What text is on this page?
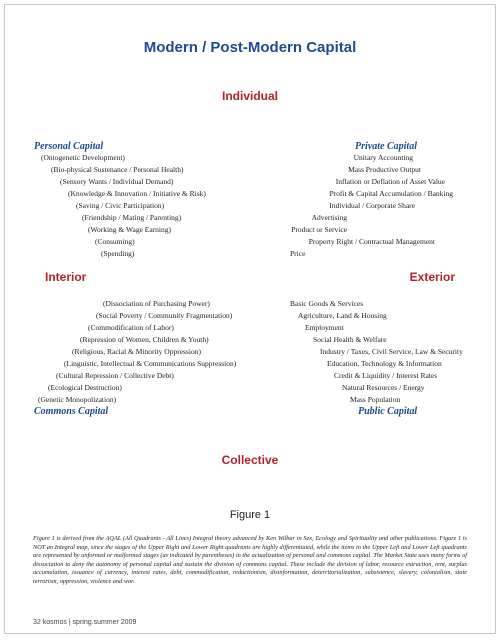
Modern / Post-Modern Capital
Individual
Personal Capital
(Ontogenetic Development)
(Bio-physical Sustenance / Personal Health)
(Sensory Wants / Individual Demand)
(Knowledge & Innovation / Initiative & Risk)
(Saving / Civic Participation)
(Friendship / Mating / Parenting)
(Working & Wage Earning)
(Consuming)
(Spending)
Private Capital
Unitary Accounting
Mass Productive Output
Inflation or Deflation of Asset Value
Profit & Capital Accumulation / Banking
Individual / Corporate Share
Advertising
Product or Service
Property Right / Contractual Management
Price
Interior	Exterior
(Dissociation of Purchasing Power)
(Social Poverty / Community Fragmentation)
(Commodification of Labor)
(Repression of Women, Children & Youth)
(Religious, Racial & Minority Oppression)
(Linguistic, Intellectual & Communications Suppression)
(Cultural Repression / Collective Debt)
(Ecological Destruction)
(Genetic Monopolization)
Commons Capital
Basic Goods & Services
Agriculture, Land & Housing
Employment
Social Health & Welfare
Industry / Taxes, Civil Service, Law & Security
Education, Technology & Information
Credit & Liquidity / Interest Rates
Natural Resources / Energy
Mass Population
Public Capital
Collective
Figure 1
Figure 1 is derived from the AQAL (All Quadrants - All Lines) Integral theory advanced by Ken Wilbur in Sex, Ecology and Spirituality and other publications. Figure 1 is NOT an Integral map, since the stages of the Upper Right and Lower Right quadrants are highly differentiated, while the items in the Upper Left and Lower Left quadrants are represented by unformed or malformed stages (as indicated by parentheses) in the actualization of personal and commons capital. The Market State uses many forms of dissociation to deny the autonomy of personal capital and sustain the division of commons capital. These include the division of labor, resource extraction, rent, surplus accumulation, issuance of currency, interest rates, debt, commodification, reductionism, disinformation, deterritorialization, subsistence, slavery, colonialism, state terrorism, oppression, violence and war.
32 kosmos | spring.summer 2009
